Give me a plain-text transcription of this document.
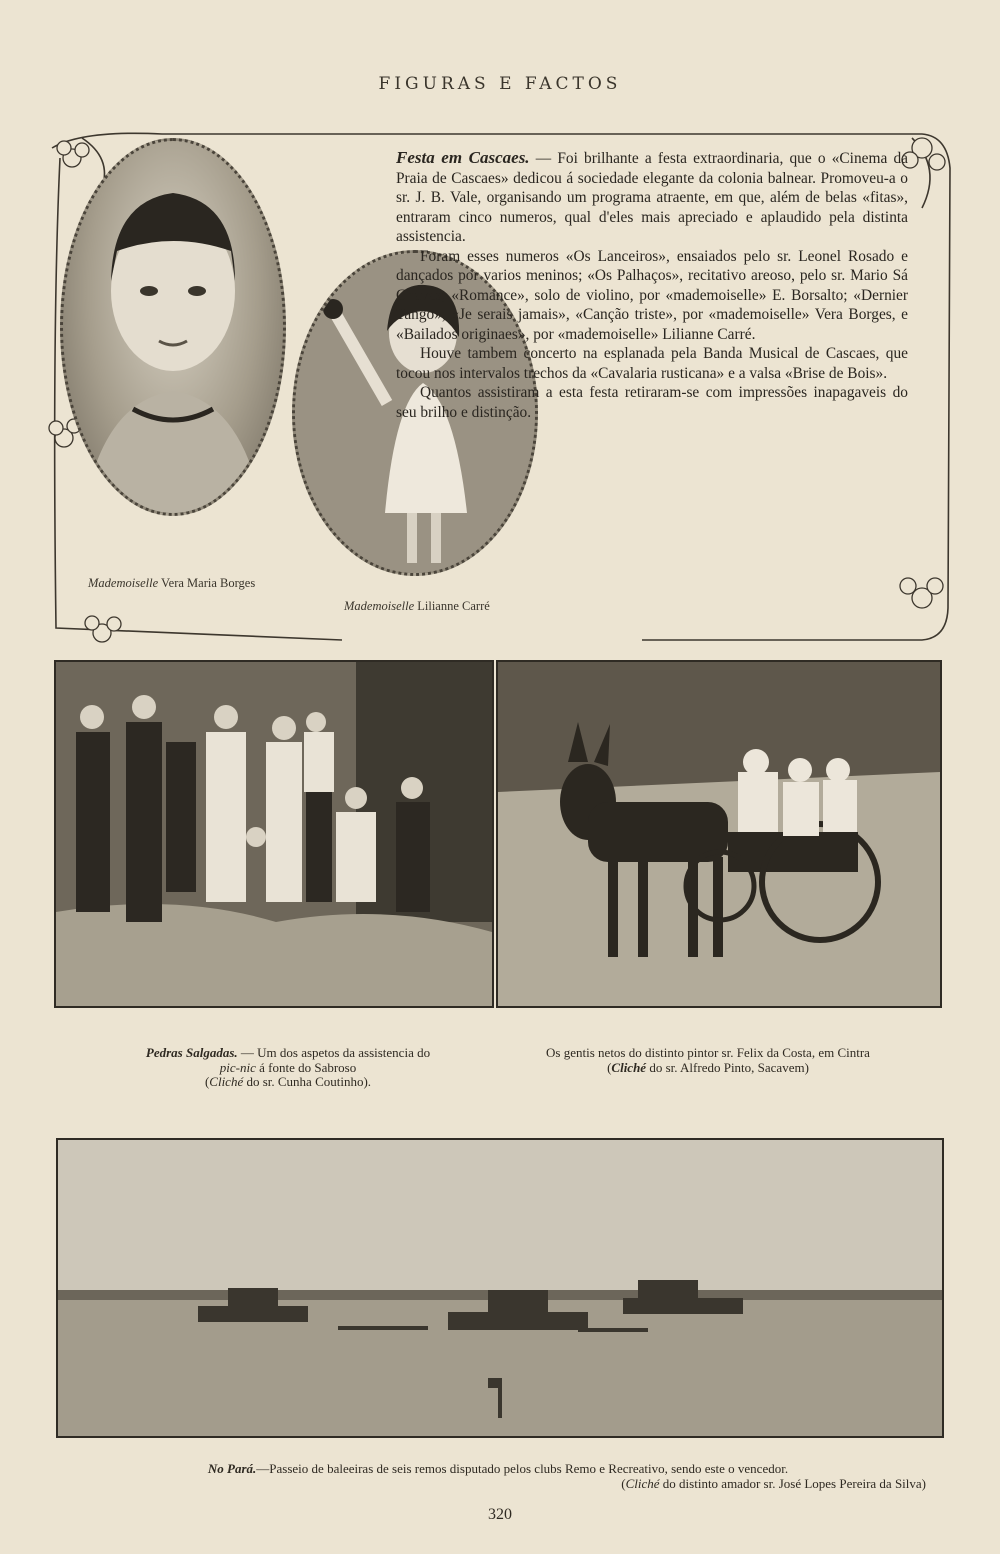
FIGURAS E FACTOS
Mademoiselle Vera Maria Borges
Mademoiselle Lilianne Carré

Festa em Cascaes. — Foi brilhante a festa extraordinaria, que o «Cinema da Praia de Cascaes» dedicou á sociedade elegante da colonia balnear. Promoveu-a o sr. J. B. Vale, organisando um programa atraente, em que, além de belas «fitas», entraram cinco numeros, qual d'eles mais apreciado e aplaudido pela distinta assistencia.

Foram esses numeros «Os Lanceiros», ensaiados pelo sr. Leonel Rosado e dançados por varios meninos; «Os Palhaços», recitativo areoso, pelo sr. Mario Sá Chaves; «Romance», solo de violino, por «mademoiselle» E. Borsalto; «Dernier Tango», «Je serais jamais», «Canção triste», por «mademoiselle» Vera Borges, e «Bailados originaes», por «mademoiselle» Lilianne Carré.

Houve tambem concerto na esplanada pela Banda Musical de Cascaes, que tocou nos intervalos trechos da «Cavalaria rusticana» e a valsa «Brise de Bois».

Quantos assistiram a esta festa retiraram-se com impressões inapagaveis do seu brilho e distinção.

Pedras Salgadas. — Um dos aspetos da assistencia do
pic-nic á fonte do Sabroso
(Cliché do sr. Cunha Coutinho).
Os gentis netos do distinto pintor sr. Felix da Costa, em Cintra
(Cliché do sr. Alfredo Pinto, Sacavem)
No Pará.—Passeio de baleeiras de seis remos disputado pelos clubs Remo e Recreativo, sendo este o vencedor.
(Cliché do distinto amador sr. José Lopes Pereira da Silva)
320
